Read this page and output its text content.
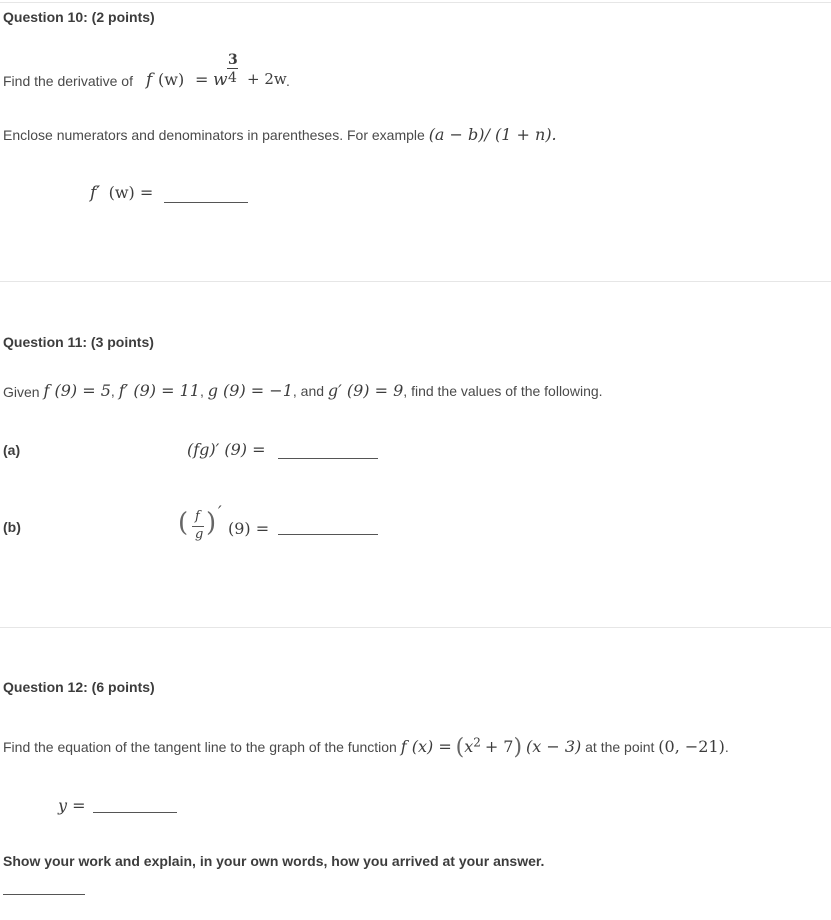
Question 10: (2 points)
Find the derivative of f (w) = w
3
4 + 2w .
Enclose numerators and denominators in parentheses. For example (a − b)/ (1 + n).
f′ (w) =
Question 11: (3 points)
Given f (9) = 5, f′ (9) = 11, g (9) = −1, and g′ (9) = 9, find the values of the following.
(a)	(fg)′ (9) =
(b)	( f
g ) ′
(9) =
Question 12: (6 points)
Find the equation of the tangent line to the graph of the function f $(x) = (x^2 + 7) (x - 3)$ at the point (0, −21).
y =
Show your work and explain, in your own words, how you arrived at your answer.
